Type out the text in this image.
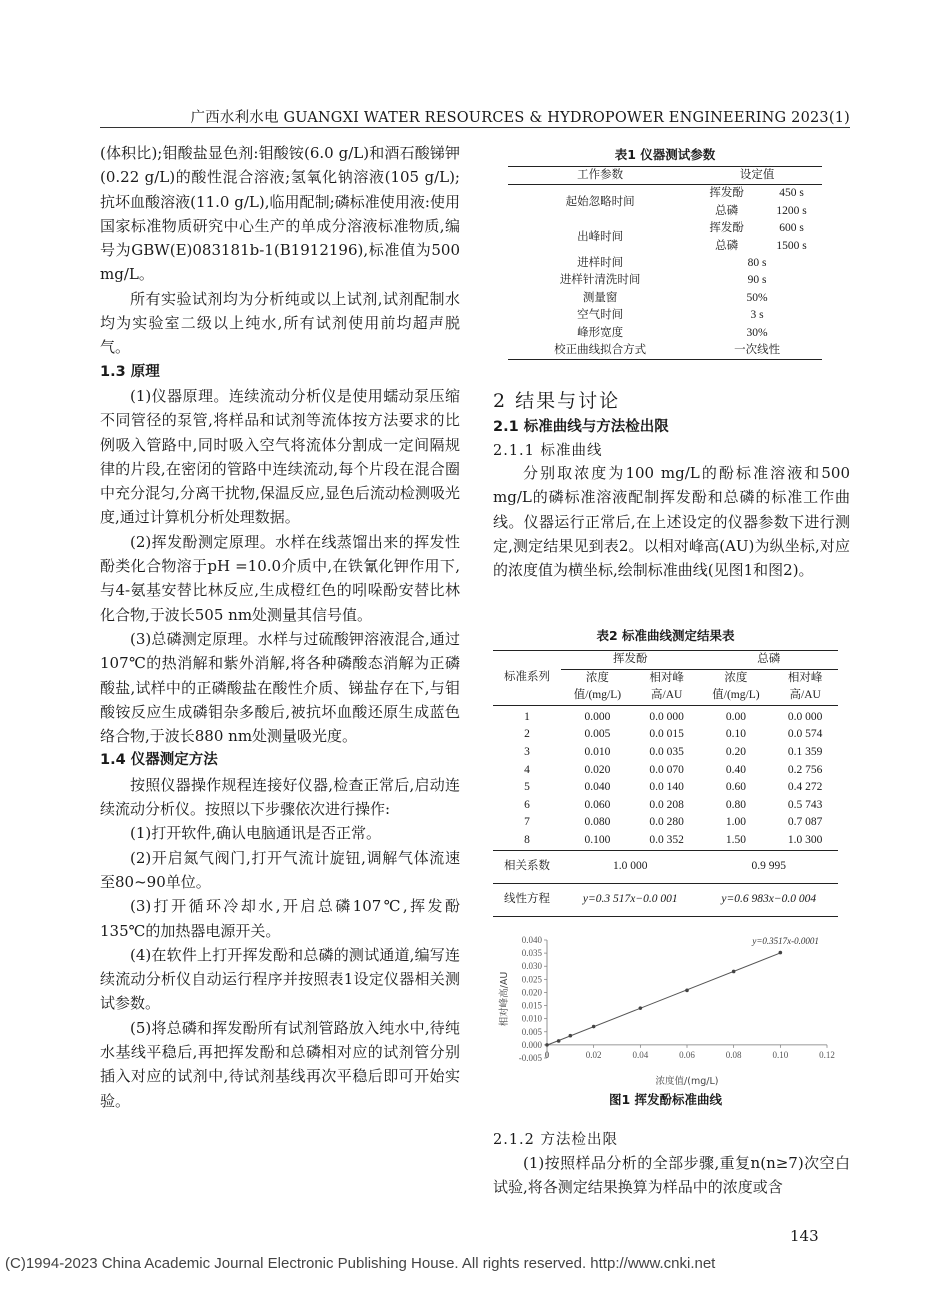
广西水利水电 GUANGXI WATER RESOURCES & HYDROPOWER ENGINEERING 2023(1)

(体积比);钼酸盐显色剂:钼酸铵(6.0 g/L)和酒石酸锑钾(0.22 g/L)的酸性混合溶液;氢氧化钠溶液(105 g/L);抗坏血酸溶液(11.0 g/L),临用配制;磷标准使用液:使用国家标准物质研究中心生产的单成分溶液标准物质,编号为GBW(E)083181b-1(B1912196),标准值为500 mg/L。

所有实验试剂均为分析纯或以上试剂,试剂配制水均为实验室二级以上纯水,所有试剂使用前均超声脱气。

1.3 原理

(1)仪器原理。连续流动分析仪是使用蠕动泵压缩不同管径的泵管,将样品和试剂等流体按方法要求的比例吸入管路中,同时吸入空气将流体分割成一定间隔规律的片段,在密闭的管路中连续流动,每个片段在混合圈中充分混匀,分离干扰物,保温反应,显色后流动检测吸光度,通过计算机分析处理数据。

(2)挥发酚测定原理。水样在线蒸馏出来的挥发性酚类化合物溶于pH =10.0介质中,在铁氰化钾作用下,与4-氨基安替比林反应,生成橙红色的吲哚酚安替比林化合物,于波长505 nm处测量其信号值。

(3)总磷测定原理。水样与过硫酸钾溶液混合,通过107℃的热消解和紫外消解,将各种磷酸态消解为正磷酸盐,试样中的正磷酸盐在酸性介质、锑盐存在下,与钼酸铵反应生成磷钼杂多酸后,被抗坏血酸还原生成蓝色络合物,于波长880 nm处测量吸光度。

1.4 仪器测定方法

按照仪器操作规程连接好仪器,检查正常后,启动连续流动分析仪。按照以下步骤依次进行操作:

(1)打开软件,确认电脑通讯是否正常。

(2)开启氮气阀门,打开气流计旋钮,调解气体流速至80~90单位。

(3)打开循环冷却水,开启总磷107℃,挥发酚135℃的加热器电源开关。

(4)在软件上打开挥发酚和总磷的测试通道,编写连续流动分析仪自动运行程序并按照表1设定仪器相关测试参数。

(5)将总磷和挥发酚所有试剂管路放入纯水中,待纯水基线平稳后,再把挥发酚和总磷相对应的试剂管分别插入对应的试剂中,待试剂基线再次平稳后即可开始实验。

表1 仪器测试参数
工作参数	设定值	
起始忽略时间	挥发酚	450 s
	总磷	1200 s
出峰时间	挥发酚	600 s
	总磷	1500 s
进样时间	80 s	
进样针清洗时间	90 s	
测量窗	50%	
空气时间	3 s	
峰形宽度	30%	
校正曲线拟合方式	一次线性	
2 结果与讨论
2.1 标准曲线与方法检出限
2.1.1 标准曲线

分别取浓度为100 mg/L的酚标准溶液和500 mg/L的磷标准溶液配制挥发酚和总磷的标准工作曲线。仪器运行正常后,在上述设定的仪器参数下进行测定,测定结果见到表2。以相对峰高(AU)为纵坐标,对应的浓度值为横坐标,绘制标准曲线(见图1和图2)。

表2 标准曲线测定结果表
标准系列	挥发酚		总磷	
	浓度值/(mg/L)	相对峰高/AU	浓度值/(mg/L)	相对峰高/AU
1	0.000	0.0 000	0.00	0.0 000
2	0.005	0.0 015	0.10	0.0 574
3	0.010	0.0 035	0.20	0.1 359
4	0.020	0.0 070	0.40	0.2 756
5	0.040	0.0 140	0.60	0.4 272
6	0.060	0.0 208	0.80	0.5 743
7	0.080	0.0 280	1.00	0.7 087
8	0.100	0.0 352	1.50	1.0 300
相关系数	1.0 000		0.9 995	
线性方程	y=0.3 517x−0.0 001		y=0.6 983x−0.0 004	
-0.005
0.000
0.005
0.010
0.015
0.020
0.025
0.030
0.035
0.040
0	0.02	0.04	0.06	0.08	0.10	0.12
y=0.3517x-0.0001
浓度值/(mg/L)
相对峰高/AU
图1 挥发酚标准曲线
2.1.2 方法检出限

(1)按照样品分析的全部步骤,重复n(n≥7)次空白试验,将各测定结果换算为样品中的浓度或含

143
(C)1994-2023 China Academic Journal Electronic Publishing House. All rights reserved. http://www.cnki.net
